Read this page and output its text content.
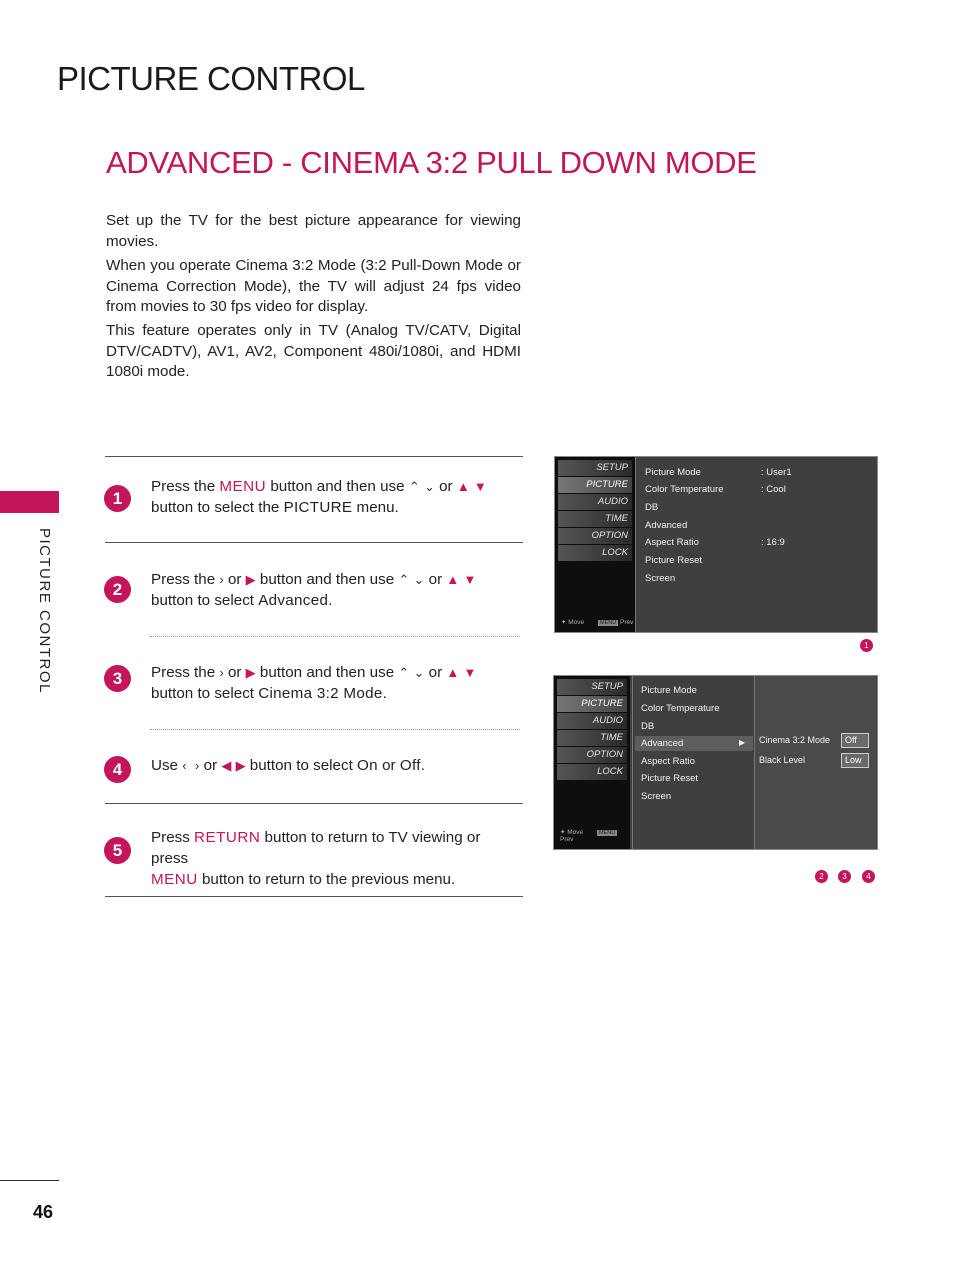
PICTURE CONTROL
ADVANCED - CINEMA 3:2 PULL DOWN MODE
Set up the TV for the best picture appearance for viewing movies.
When you operate Cinema 3:2 Mode (3:2 Pull-Down Mode or Cinema Correction Mode), the TV will adjust 24 fps video from movies to 30 fps video for display.
This feature operates only in TV (Analog TV/CATV, Digital DTV/CADTV), AV1, AV2, Component 480i/1080i, and HDMI 1080i mode.
PICTURE CONTROL
1
Press the MENU button and then use ⌃ ⌄ or ▲ ▼
button to select the PICTURE menu.
2
Press the › or ▶ button and then use ⌃ ⌄ or ▲ ▼
button to select Advanced.
3	Press the › or ▶ button and then use ⌃ ⌄ or ▲ ▼
button to select Cinema 3:2 Mode.
4	Use ‹ › or ◀ ▶ button to select On or Off.
5
Press RETURN button to return to TV viewing or press
MENU button to return to the previous menu.
SETUP
PICTURE
AUDIO
TIME
OPTION
LOCK
✦ Move	MENU Prev
Picture Mode	: User1
Color Temperature	: Cool
DB
Advanced
Aspect Ratio	: 16:9
Picture Reset
Screen
1
SETUP
PICTURE
AUDIO
TIME
OPTION
LOCK
✦ Move	MENU Prev
Picture Mode
Color Temperature
DB
Advanced	▶
Aspect Ratio
Picture Reset
Screen
Cinema 3:2 Mode	Off
Black Level	Low
2	3	4
46
